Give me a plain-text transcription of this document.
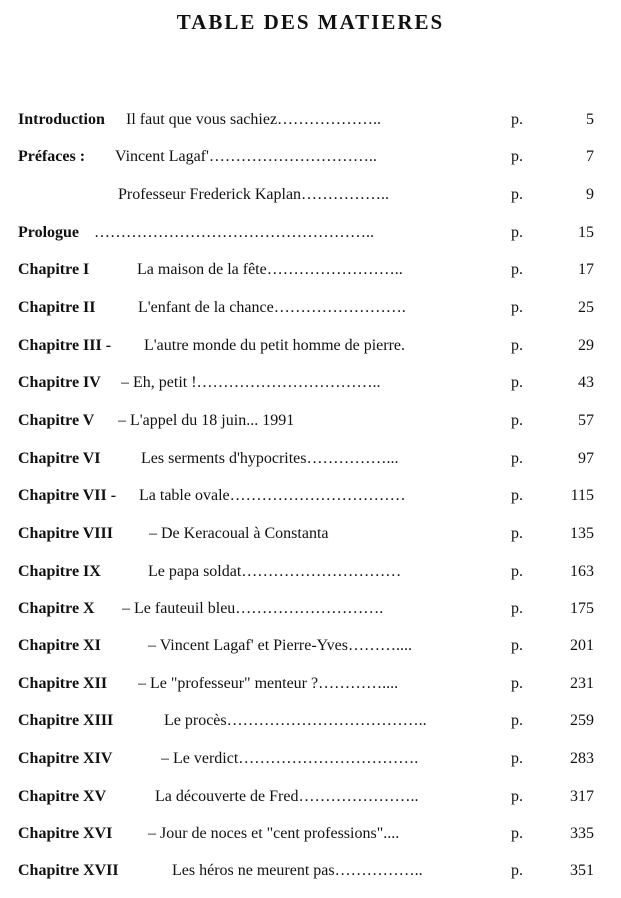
TABLE DES MATIERES
Introduction Il faut que vous sachiez………………..	p.	5
Préfaces : Vincent Lagaf'…………………………..	p.	7
Professeur Frederick Kaplan……………..	p.	9
Prologue ……………………………………………..	p.	15
Chapitre I	La maison de la fête……………………..	p.	17
Chapitre II	L'enfant de la chance…………………….	p.	25
Chapitre III - L'autre monde du petit homme de pierre.	p.	29
Chapitre IV – Eh, petit !……………………………..	p.	43
Chapitre V – L'appel du 18 juin... 1991	p.	57
Chapitre VI	Les serments d'hypocrites……………...	p.	97
Chapitre VII - La table ovale……………………………	p.	115
Chapitre VIII – De Keracoual à Constanta	p.	135
Chapitre IX	Le papa soldat…………………………	p.	163
Chapitre X – Le fauteuil bleu……………………….	p.	175
Chapitre XI	– Vincent Lagaf' et Pierre-Yves………....	p.	201
Chapitre XII – Le "professeur" menteur ?…………....	p.	231
Chapitre XIII	Le procès………………………………..	p.	259
Chapitre XIV	– Le verdict…………………………….	p.	283
Chapitre XV	La découverte de Fred…………………..	p.	317
Chapitre XVI – Jour de noces et "cent professions"....	p.	335
Chapitre XVII	Les héros ne meurent pas……………..	p.	351
